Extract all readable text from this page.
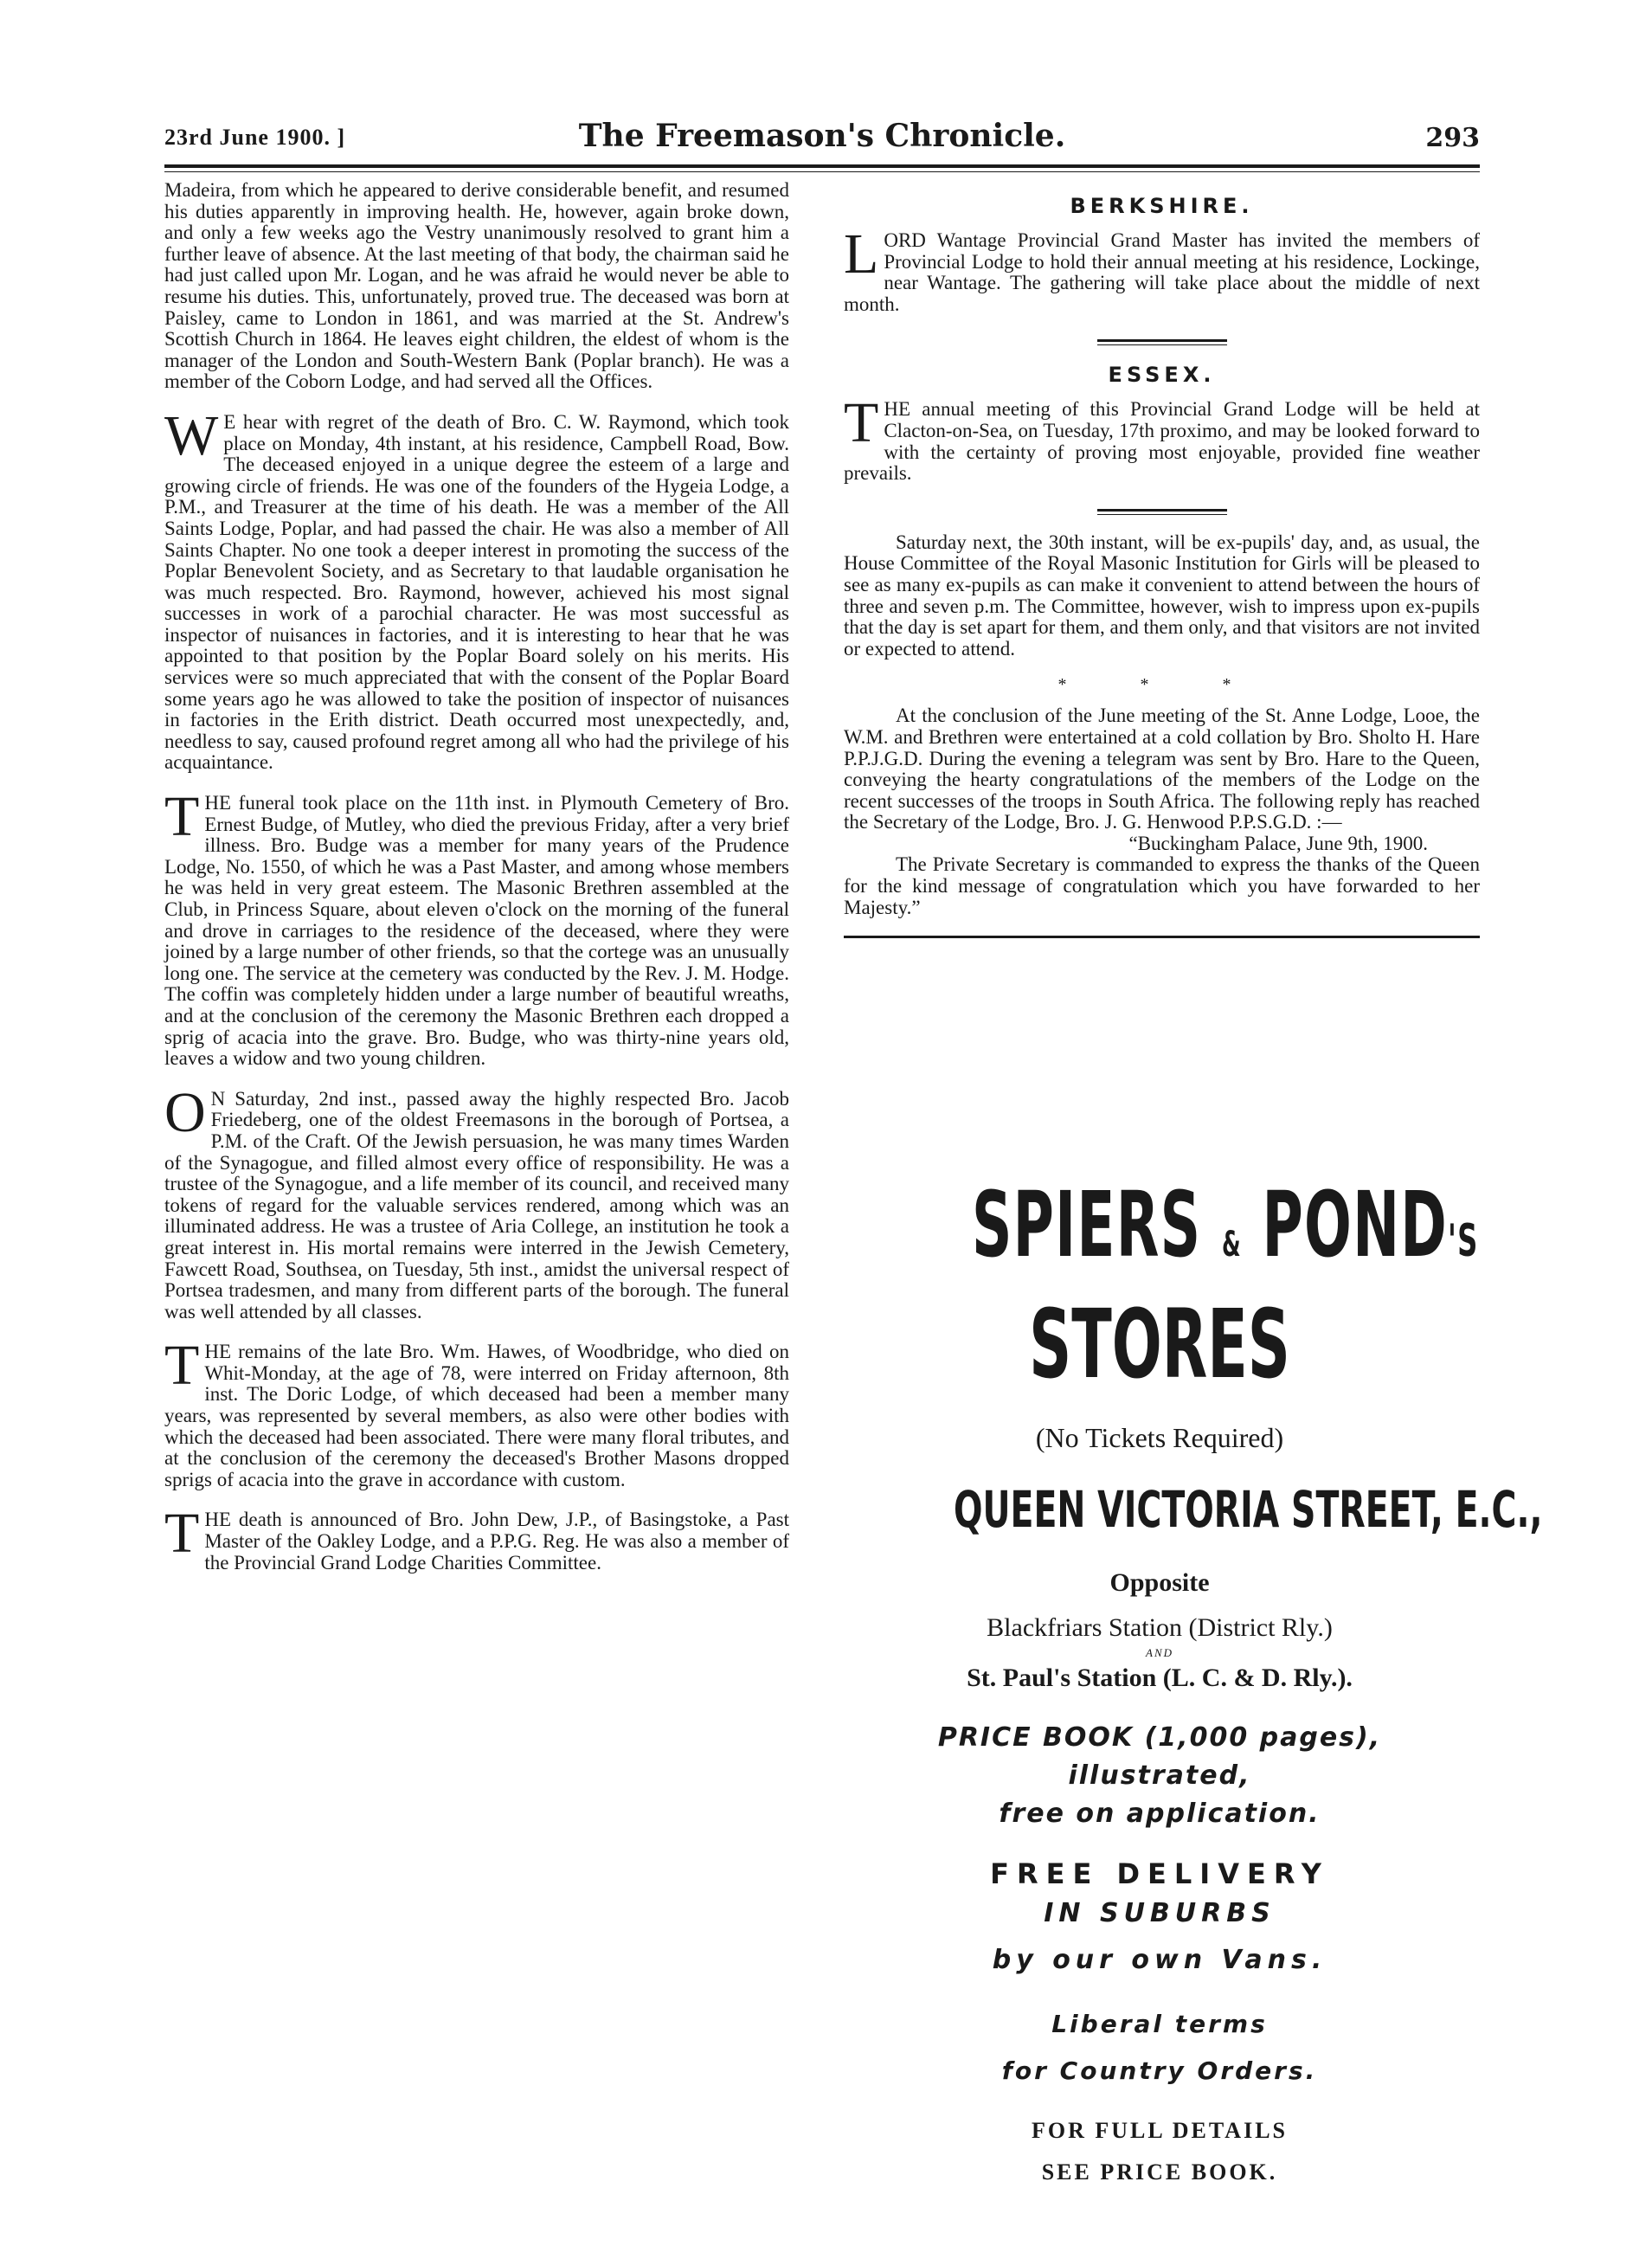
23rd June 1900. ]	The Freemason's Chronicle.	293

Madeira, from which he appeared to derive considerable benefit, and resumed his duties apparently in improving health. He, however, again broke down, and only a few weeks ago the Vestry unanimously resolved to grant him a further leave of absence. At the last meeting of that body, the chairman said he had just called upon Mr. Logan, and he was afraid he would never be able to resume his duties. This, unfortunately, proved true. The deceased was born at Paisley, came to London in 1861, and was married at the St. Andrew's Scottish Church in 1864. He leaves eight children, the eldest of whom is the manager of the London and South-Western Bank (Poplar branch). He was a member of the Coborn Lodge, and had served all the Offices.

W E hear with regret of the death of Bro. C. W. Raymond, which took place on Monday, 4th instant, at his residence, Campbell Road, Bow. The deceased enjoyed in a unique degree the esteem of a large and growing circle of friends. He was one of the founders of the Hygeia Lodge, a P.M., and Treasurer at the time of his death. He was a member of the All Saints Lodge, Poplar, and had passed the chair. He was also a member of All Saints Chapter. No one took a deeper interest in promoting the success of the Poplar Benevolent Society, and as Secretary to that laudable organisation he was much respected. Bro. Raymond, however, achieved his most signal successes in work of a parochial character. He was most successful as inspector of nuisances in factories, and it is interesting to hear that he was appointed to that position by the Poplar Board solely on his merits. His services were so much appreciated that with the consent of the Poplar Board some years ago he was allowed to take the position of inspector of nuisances in factories in the Erith district. Death occurred most unexpectedly, and, needless to say, caused profound regret among all who had the privilege of his acquaintance.

THE funeral took place on the 11th inst. in Plymouth Cemetery of Bro. Ernest Budge, of Mutley, who died the previous Friday, after a very brief illness. Bro. Budge was a member for many years of the Prudence Lodge, No. 1550, of which he was a Past Master, and among whose members he was held in very great esteem. The Masonic Brethren assembled at the Club, in Princess Square, about eleven o'clock on the morning of the funeral and drove in carriages to the residence of the deceased, where they were joined by a large number of other friends, so that the cortege was an unusually long one. The service at the cemetery was conducted by the Rev. J. M. Hodge. The coffin was completely hidden under a large number of beautiful wreaths, and at the conclusion of the ceremony the Masonic Brethren each dropped a sprig of acacia into the grave. Bro. Budge, who was thirty-nine years old, leaves a widow and two young children.

O N Saturday, 2nd inst., passed away the highly respected Bro. Jacob Friedeberg, one of the oldest Freemasons in the borough of Portsea, a P.M. of the Craft. Of the Jewish persuasion, he was many times Warden of the Synagogue, and filled almost every office of responsibility. He was a trustee of the Synagogue, and a life member of its council, and received many tokens of regard for the valuable services rendered, among which was an illuminated address. He was a trustee of Aria College, an institution he took a great interest in. His mortal remains were interred in the Jewish Cemetery, Fawcett Road, Southsea, on Tuesday, 5th inst., amidst the universal respect of Portsea tradesmen, and many from different parts of the borough. The funeral was well attended by all classes.

THE remains of the late Bro. Wm. Hawes, of Woodbridge, who died on Whit-Monday, at the age of 78, were interred on Friday afternoon, 8th inst. The Doric Lodge, of which deceased had been a member many years, was represented by several members, as also were other bodies with which the deceased had been associated. There were many floral tributes, and at the conclusion of the ceremony the deceased's Brother Masons dropped sprigs of acacia into the grave in accordance with custom.

THE death is announced of Bro. John Dew, J.P., of Basingstoke, a Past Master of the Oakley Lodge, and a P.P.G. Reg. He was also a member of the Provincial Grand Lodge Charities Committee.

BERKSHIRE.

LORD Wantage Provincial Grand Master has invited the members of Provincial Lodge to hold their annual meeting at his residence, Lockinge, near Wantage. The gathering will take place about the middle of next month.

ESSEX.

THE annual meeting of this Provincial Grand Lodge will be held at Clacton-on-Sea, on Tuesday, 17th proximo, and may be looked forward to with the certainty of proving most enjoyable, provided fine weather prevails.

Saturday next, the 30th instant, will be ex-pupils' day, and, as usual, the House Committee of the Royal Masonic Institution for Girls will be pleased to see as many ex-pupils as can make it convenient to attend between the hours of three and seven p.m. The Committee, however, wish to impress upon ex-pupils that the day is set apart for them, and them only, and that visitors are not invited or expected to attend.

* * *

At the conclusion of the June meeting of the St. Anne Lodge, Looe, the W.M. and Brethren were entertained at a cold collation by Bro. Sholto H. Hare P.P.J.G.D. During the evening a telegram was sent by Bro. Hare to the Queen, conveying the hearty congratulations of the members of the Lodge on the recent successes of the troops in South Africa. The following reply has reached the Secretary of the Lodge, Bro. J. G. Henwood P.P.S.G.D. :—

“Buckingham Palace, June 9th, 1900.

The Private Secretary is commanded to express the thanks of the Queen for the kind message of congratulation which you have forwarded to her Majesty.”

SPIERS & POND'S
STORES
(No Tickets Required)
QUEEN VICTORIA STREET, E.C.,
Opposite
Blackfriars Station (District Rly.)
AND
St. Paul's Station (L. C. & D. Rly.).
PRICE BOOK (1,000 pages),
illustrated,
free on application.
FREE DELIVERY
IN SUBURBS
by our own Vans.
Liberal terms
for Country Orders.
FOR FULL DETAILS
SEE PRICE BOOK.
